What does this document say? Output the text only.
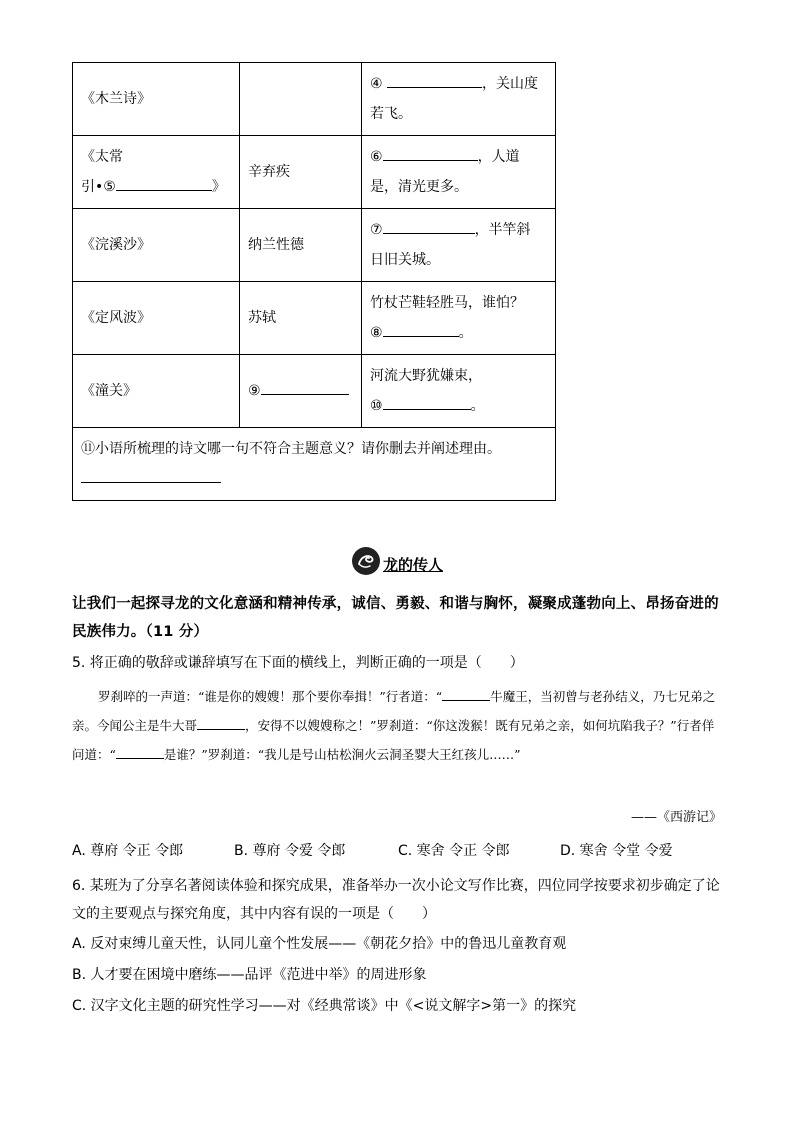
《木兰诗》		④ ，关山度
若飞。
《太常
引•⑤ 》	辛弃疾	⑥ ，人道
是，清光更多。
《浣溪沙》	纳兰性德	⑦ ，半竿斜
日旧关城。
《定风波》	苏轼	竹杖芒鞋轻胜马，谁怕？
⑧ 。
《潼关》	⑨	河流大野犹嫌束，
⑩ 。

⑪小语所梳理的诗文哪一句不符合主题意义？请你删去并阐述理由。		
龙的传人
让我们一起探寻龙的文化意涵和精神传承，诚信、勇毅、和谐与胸怀，凝聚成蓬勃向上、昂扬奋进的民族伟力。（11 分）
5. 将正确的敬辞或谦辞填写在下面的横线上，判断正确的一项是（　　）
罗刹啐的一声道：“谁是你的嫂嫂！那个要你奉揖！”行者道：“	牛魔王，当初曾与老孙结义，乃七兄弟之亲。今闻公主是牛大哥	，安得不以嫂嫂称之！”罗刹道：“你这泼猴！既有兄弟之亲，如何坑陷我子？”行者佯问道：“	是谁？”罗刹道：“我儿是号山枯松涧火云洞圣婴大王红孩儿……”
——《西游记》
A. 尊府 令正 令郎	B. 尊府 令爱 令郎	C. 寒舍 令正 令郎	D. 寒舍 令堂 令爱
6. 某班为了分享名著阅读体验和探究成果，准备举办一次小论文写作比赛，四位同学按要求初步确定了论文的主要观点与探究角度，其中内容有误的一项是（　　）
A. 反对束缚儿童天性，认同儿童个性发展——《朝花夕拾》中的鲁迅儿童教育观
B. 人才要在困境中磨练——品评《范进中举》的周进形象
C. 汉字文化主题的研究性学习——对《经典常谈》中《<说文解字>第一》的探究
